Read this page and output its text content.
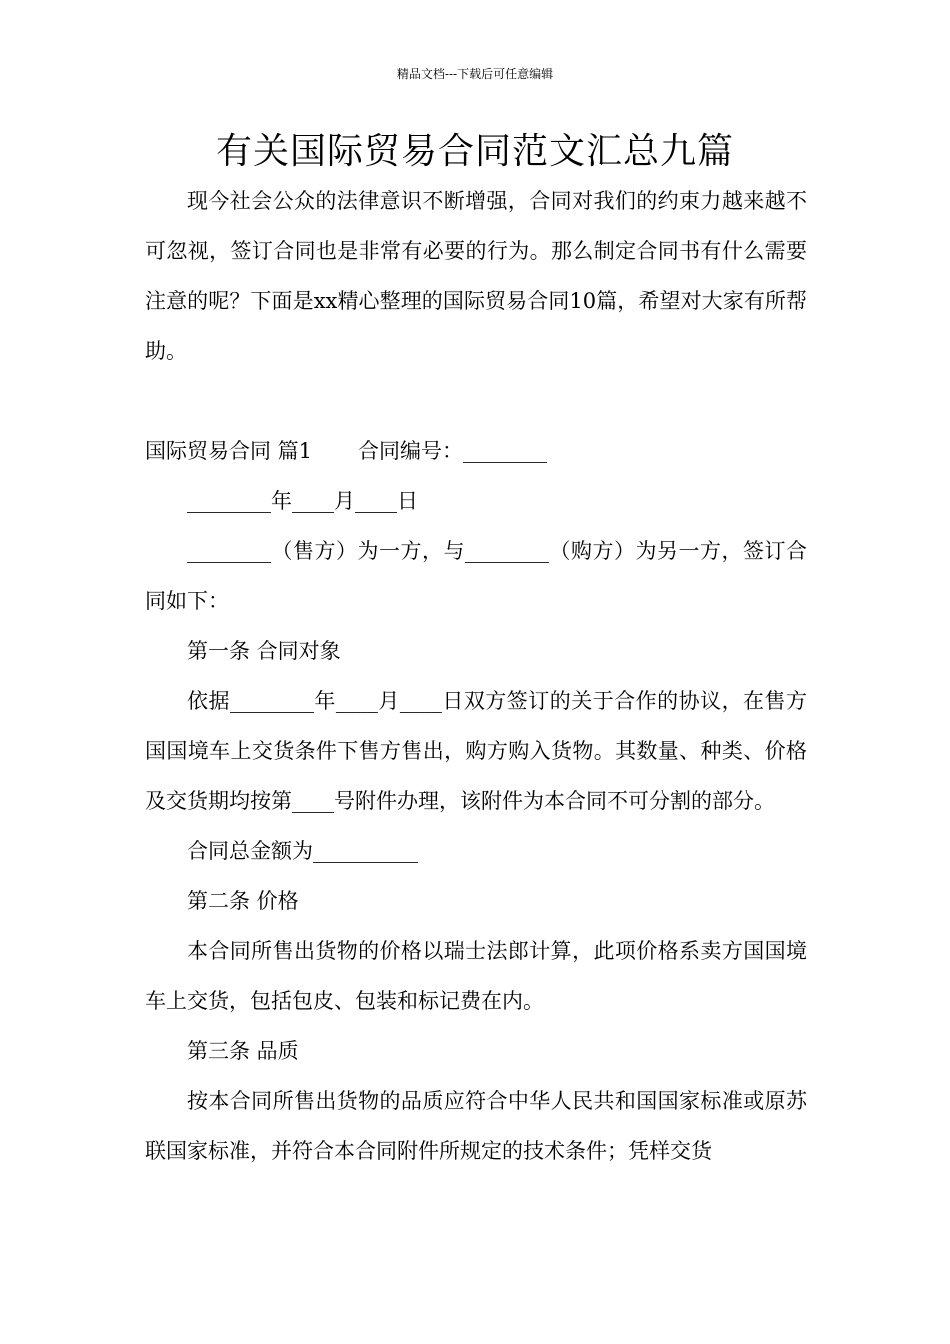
精品文档---下载后可任意编辑
有关国际贸易合同范文汇总九篇

现今社会公众的法律意识不断增强，合同对我们的约束力越来越不可忽视，签订合同也是非常有必要的行为。那么制定合同书有什么需要注意的呢？下面是xx精心整理的国际贸易合同10篇，希望对大家有所帮助。

国际贸易合同 篇1 合同编号：________

________年____月____日

________（售方）为一方，与________（购方）为另一方，签订合同如下：

第一条 合同对象

依据________年____月____日双方签订的关于合作的协议，在售方国国境车上交货条件下售方售出，购方购入货物。其数量、种类、价格及交货期均按第____号附件办理，该附件为本合同不可分割的部分。

合同总金额为__________

第二条 价格

本合同所售出货物的价格以瑞士法郎计算，此项价格系卖方国国境车上交货，包括包皮、包装和标记费在内。

第三条 品质

按本合同所售出货物的品质应符合中华人民共和国国家标准或原苏联国家标准，并符合本合同附件所规定的技术条件；凭样交货
